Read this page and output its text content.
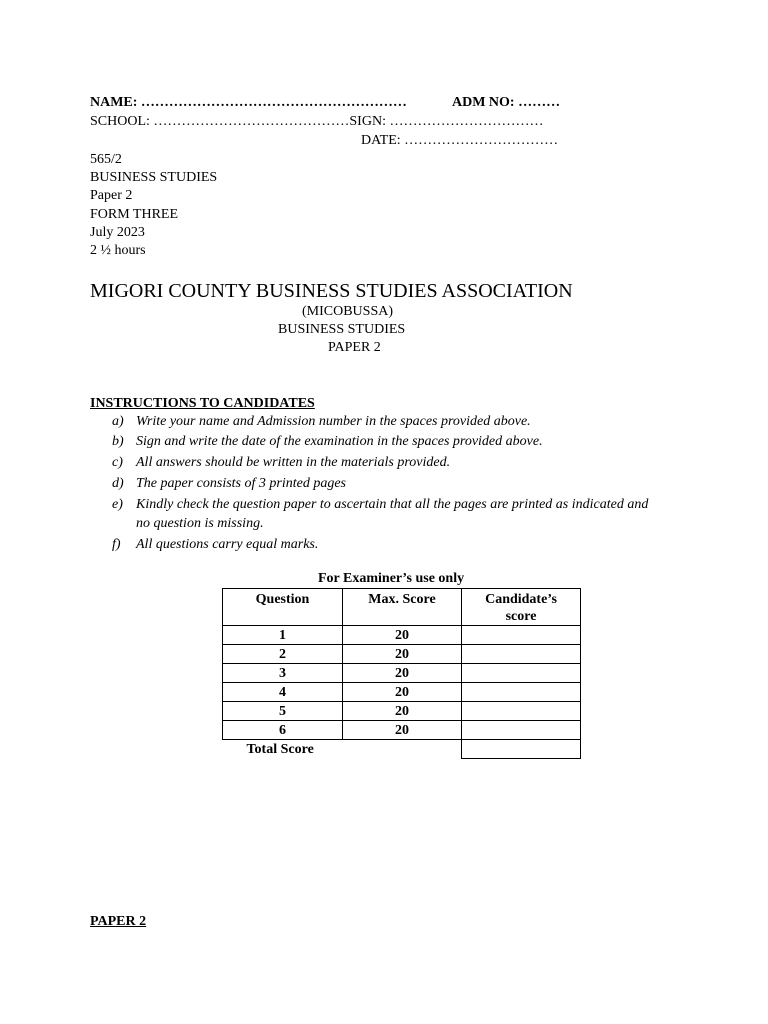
NAME: …………………………………………………	ADM NO: ………
SCHOOL: ……………………………………SIGN: ……………………………
DATE: ……………………………
565/2
BUSINESS STUDIES
Paper 2
FORM THREE
July 2023
2 ½ hours
MIGORI COUNTY BUSINESS STUDIES ASSOCIATION
(MICOBUSSA)
BUSINESS STUDIES
PAPER 2
INSTRUCTIONS TO CANDIDATES
a) Write your name and Admission number in the spaces provided above.
b) Sign and write the date of the examination in the spaces provided above.
c) All answers should be written in the materials provided.
d) The paper consists of 3 printed pages
e) Kindly check the question paper to ascertain that all the pages are printed as indicated and
no question is missing.
f) All questions carry equal marks.
For Examiner’s use only
Question	Max. Score	Candidate’s score
1	20	
2	20	
3	20	
4	20	
5	20	
6	20	
Total Score		
PAPER 2
